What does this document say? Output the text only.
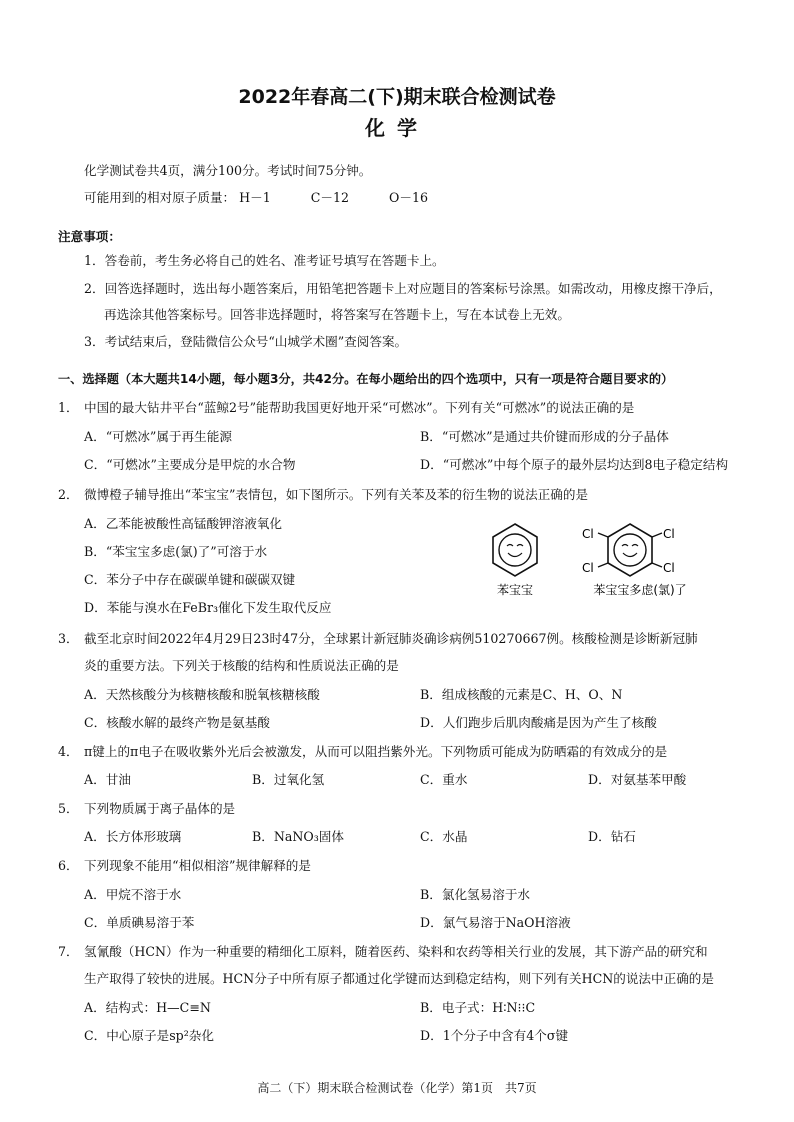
2022年春高二(下)期末联合检测试卷
化学
化学测试卷共4页，满分100分。考试时间75分钟。
可能用到的相对原子质量： H－1	C－12	O－16
注意事项：
1．答卷前，考生务必将自己的姓名、准考证号填写在答题卡上。
2．回答选择题时，选出每小题答案后，用铅笔把答题卡上对应题目的答案标号涂黑。如需改动，用橡皮擦干净后，
再选涂其他答案标号。回答非选择题时，将答案写在答题卡上，写在本试卷上无效。
3．考试结束后，登陆微信公众号“山城学术圈”查阅答案。
一、选择题（本大题共14小题，每小题3分，共42分。在每小题给出的四个选项中，只有一项是符合题目要求的）
1． 中国的最大钻井平台“蓝鲸2号”能帮助我国更好地开采“可燃冰”。下列有关“可燃冰”的说法正确的是
A．“可燃冰”属于再生能源	B．“可燃冰”是通过共价键而形成的分子晶体
C．“可燃冰”主要成分是甲烷的水合物	D．“可燃冰”中每个原子的最外层均达到8电子稳定结构
2． 微博橙子辅导推出“苯宝宝”表情包，如下图所示。下列有关苯及苯的衍生物的说法正确的是
A．乙苯能被酸性高锰酸钾溶液氧化
B．“苯宝宝多虑(氯)了”可溶于水
C．苯分子中存在碳碳单键和碳碳双键
D．苯能与溴水在FeBr₃催化下发生取代反应
苯宝宝
Cl
Cl
Cl
Cl
苯宝宝多虑(氯)了
3． 截至北京时间2022年4月29日23时47分，全球累计新冠肺炎确诊病例510270667例。核酸检测是诊断新冠肺
炎的重要方法。下列关于核酸的结构和性质说法正确的是
A．天然核酸分为核糖核酸和脱氧核糖核酸	B．组成核酸的元素是C、H、O、N
C．核酸水解的最终产物是氨基酸	D．人们跑步后肌肉酸痛是因为产生了核酸
4． π键上的π电子在吸收紫外光后会被激发，从而可以阻挡紫外光。下列物质可能成为防晒霜的有效成分的是
A．甘油	B．过氧化氢	C．重水	D．对氨基苯甲酸
5． 下列物质属于离子晶体的是
A．长方体形玻璃	B．NaNO₃固体	C．水晶	D．钻石
6． 下列现象不能用“相似相溶”规律解释的是
A．甲烷不溶于水	B．氯化氢易溶于水
C．单质碘易溶于苯	D．氯气易溶于NaOH溶液
7． 氢氰酸（HCN）作为一种重要的精细化工原料，随着医药、染料和农药等相关行业的发展，其下游产品的研究和
生产取得了较快的进展。HCN分子中所有原子都通过化学键而达到稳定结构，则下列有关HCN的说法中正确的是
A．结构式：H—C≡N	B．电子式：H∶N⁝⁝C
C．中心原子是sp²杂化	D．1个分子中含有4个σ键
高二（下）期末联合检测试卷（化学）第1页　共7页
